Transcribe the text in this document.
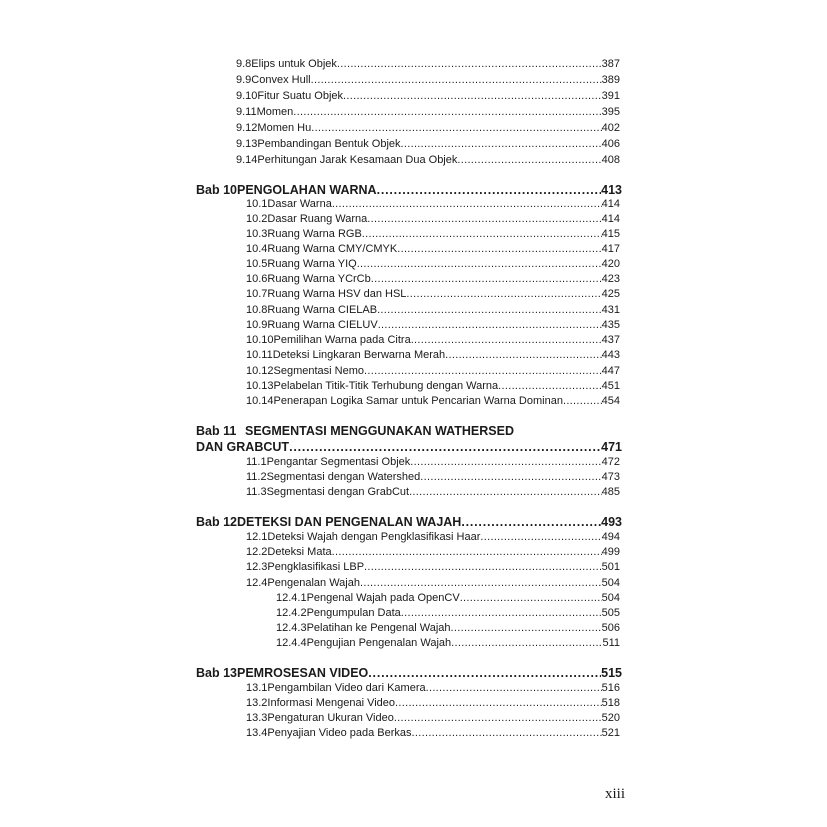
9.8 Elips untuk Objek .....	387
9.9 Convex Hull .....	389
9.10 Fitur Suatu Objek .....	391
9.11 Momen .....	395
9.12 Momen Hu .....	402
9.13 Pembandingan Bentuk Objek .....	406
9.14 Perhitungan Jarak Kesamaan Dua Objek .....	408
Bab 10 PENGOLAHAN WARNA .....	413
10.1 Dasar Warna .....	414
10.2 Dasar Ruang Warna .....	414
10.3 Ruang Warna RGB .....	415
10.4 Ruang Warna CMY/CMYK .....	417
10.5 Ruang Warna YIQ .....	420
10.6 Ruang Warna YCrCb .....	423
10.7 Ruang Warna HSV dan HSL .....	425
10.8 Ruang Warna CIELAB .....	431
10.9 Ruang Warna CIELUV .....	435
10.10 Pemilihan Warna pada Citra .....	437
10.11 Deteksi Lingkaran Berwarna Merah .....	443
10.12 Segmentasi Nemo .....	447
10.13 Pelabelan Titik-Titik Terhubung dengan Warna .....	451
10.14 Penerapan Logika Samar untuk Pencarian Warna Dominan .....	454
Bab 11 SEGMENTASI MENGGUNAKAN WATHERSED
DAN GRABCUT .....	471
11.1 Pengantar Segmentasi Objek .....	472
11.2 Segmentasi dengan Watershed .....	473
11.3 Segmentasi dengan GrabCut .....	485
Bab 12 DETEKSI DAN PENGENALAN WAJAH .....	493
12.1 Deteksi Wajah dengan Pengklasifikasi Haar .....	494
12.2 Deteksi Mata .....	499
12.3 Pengklasifikasi LBP .....	501
12.4 Pengenalan Wajah .....	504
12.4.1 Pengenal Wajah pada OpenCV .....	504
12.4.2 Pengumpulan Data .....	505
12.4.3 Pelatihan ke Pengenal Wajah .....	506
12.4.4 Pengujian Pengenalan Wajah .....	511
Bab 13 PEMROSESAN VIDEO .....	515
13.1 Pengambilan Video dari Kamera .....	516
13.2 Informasi Mengenai Video .....	518
13.3 Pengaturan Ukuran Video .....	520
13.4 Penyajian Video pada Berkas .....	521
xiii
